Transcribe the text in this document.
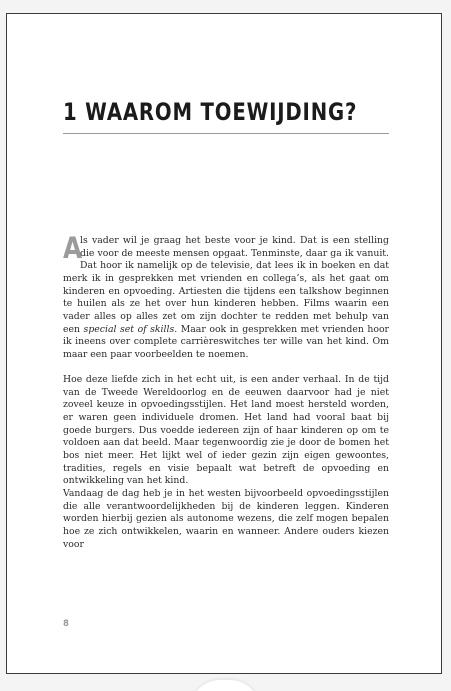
1 WAAROM TOEWIJDING?

A
ls vader wil je graag het beste voor je kind. Dat is een stelling die voor de meeste mensen opgaat. Tenminste, daar ga ik vanuit. Dat hoor ik namelijk op de televisie, dat lees ik in boeken en dat merk ik in gesprekken met vrienden en collega’s, als het gaat om kinderen en opvoeding. Artiesten die tijdens een talkshow beginnen te huilen als ze het over hun kinderen hebben. Films waarin een vader alles op alles zet om zijn dochter te redden met behulp van een special set of skills. Maar ook in gesprekken met vrienden hoor ik ineens over complete carrièreswitches ter wille van het kind. Om maar een paar voorbeelden te noemen.

Hoe deze liefde zich in het echt uit, is een ander verhaal. In de tijd van de Tweede Wereldoorlog en de eeuwen daarvoor had je niet zoveel keuze in opvoedingsstijlen. Het land moest hersteld worden, er waren geen individuele dromen. Het land had vooral baat bij goede burgers. Dus voedde iedereen zijn of haar kinderen op om te voldoen aan dat beeld. Maar tegenwoordig zie je door de bomen het bos niet meer. Het lijkt wel of ieder gezin zijn eigen gewoontes, tradities, regels en visie bepaalt wat betreft de opvoeding en ontwikkeling van het kind.

Vandaag de dag heb je in het westen bijvoorbeeld opvoedingsstijlen die alle verantwoordelijkheden bij de kinderen leggen. Kinderen worden hierbij gezien als autonome wezens, die zelf mogen bepalen hoe ze zich ontwikkelen, waarin en wanneer. Andere ouders kiezen voor

8
